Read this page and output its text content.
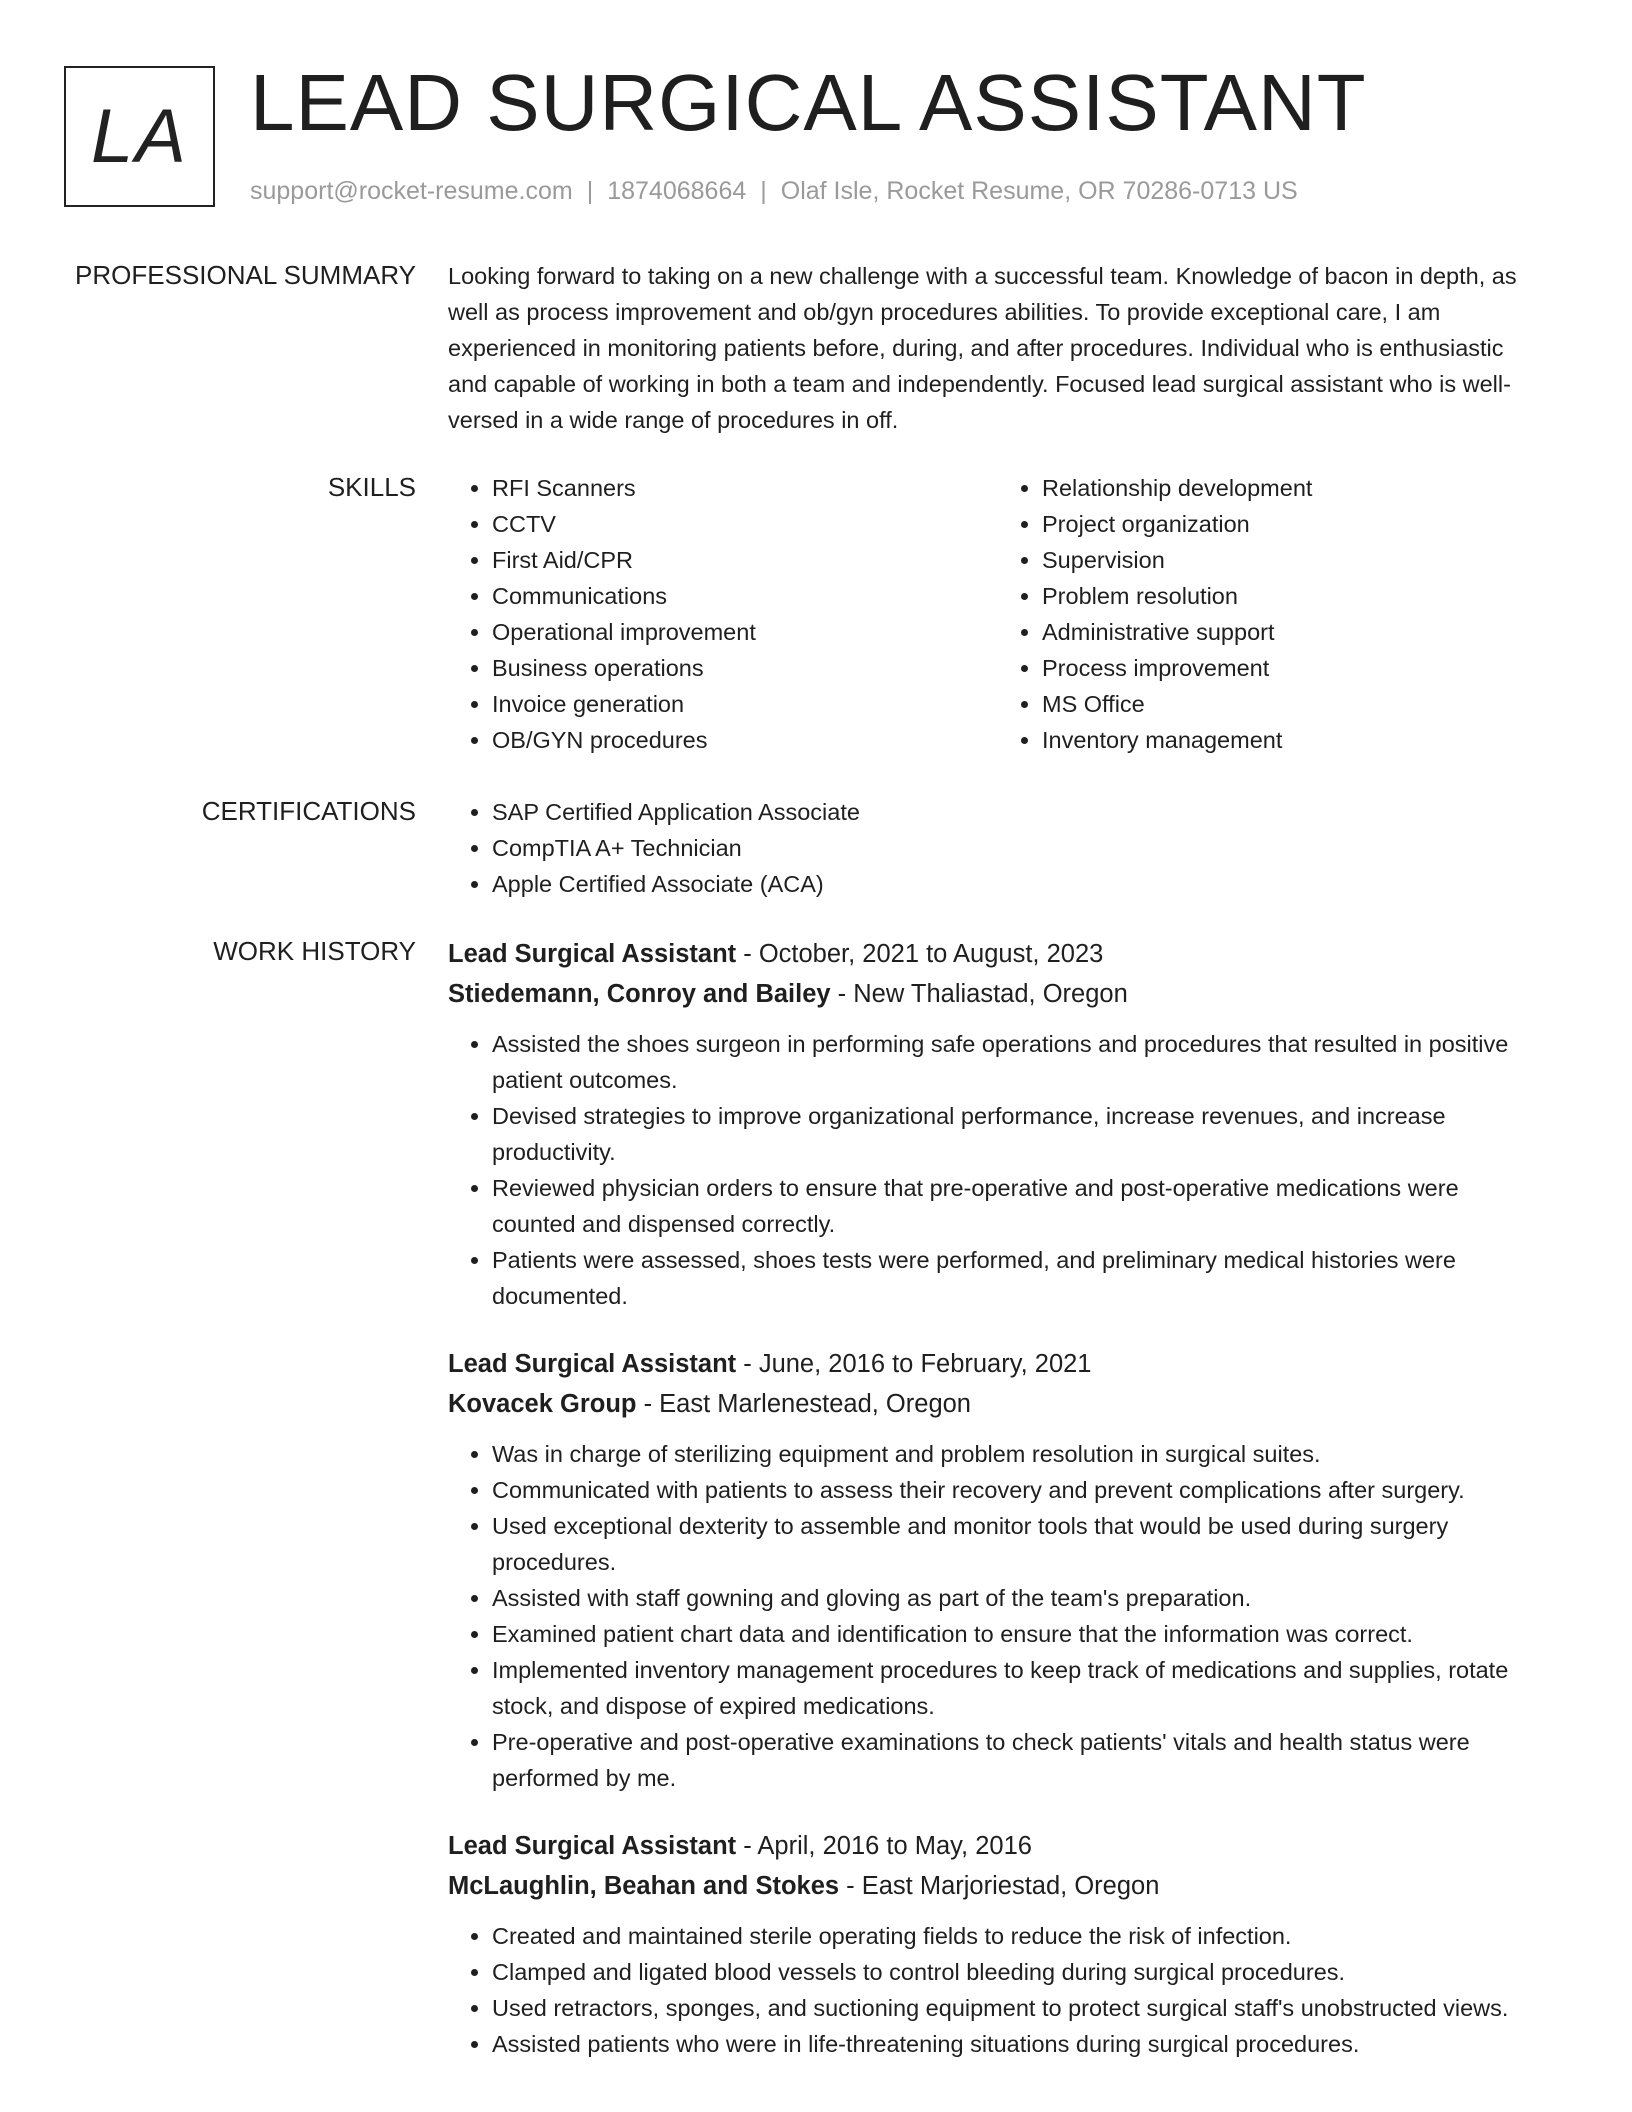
LA LEAD SURGICAL ASSISTANT
support@rocket-resume.com | 1874068664 | Olaf Isle, Rocket Resume, OR 70286-0713 US
PROFESSIONAL SUMMARY Looking forward to taking on a new challenge with a successful team. Knowledge of bacon in depth, as well as process improvement and ob/gyn procedures abilities. To provide exceptional care, I am experienced in monitoring patients before, during, and after procedures. Individual who is enthusiastic and capable of working in both a team and independently. Focused lead surgical assistant who is well-versed in a wide range of procedures in off.

SKILLS	• RFI Scanners
• CCTV
• First Aid/CPR
• Communications
• Operational improvement
• Business operations
• Invoice generation
• OB/GYN procedures
• Relationship development
• Project organization
• Supervision
• Problem resolution
• Administrative support
• Process improvement
• MS Office
• Inventory management
CERTIFICATIONS	• SAP Certified Application Associate
• CompTIA A+ Technician
• Apple Certified Associate (ACA)
WORK HISTORY Lead Surgical Assistant - October, 2021 to August, 2023
Stiedemann, Conroy and Bailey - New Thaliastad, Oregon
• Assisted the shoes surgeon in performing safe operations and procedures that resulted in positive patient outcomes.
• Devised strategies to improve organizational performance, increase revenues, and increase productivity.
• Reviewed physician orders to ensure that pre-operative and post-operative medications were counted and dispensed correctly.
• Patients were assessed, shoes tests were performed, and preliminary medical histories were documented.
Lead Surgical Assistant - June, 2016 to February, 2021
Kovacek Group - East Marlenestead, Oregon
• Was in charge of sterilizing equipment and problem resolution in surgical suites.
• Communicated with patients to assess their recovery and prevent complications after surgery.
• Used exceptional dexterity to assemble and monitor tools that would be used during surgery procedures.
• Assisted with staff gowning and gloving as part of the team's preparation.
• Examined patient chart data and identification to ensure that the information was correct.
• Implemented inventory management procedures to keep track of medications and supplies, rotate stock, and dispose of expired medications.
• Pre-operative and post-operative examinations to check patients' vitals and health status were performed by me.
Lead Surgical Assistant - April, 2016 to May, 2016
McLaughlin, Beahan and Stokes - East Marjoriestad, Oregon
• Created and maintained sterile operating fields to reduce the risk of infection.
• Clamped and ligated blood vessels to control bleeding during surgical procedures.
• Used retractors, sponges, and suctioning equipment to protect surgical staff's unobstructed views.
• Assisted patients who were in life-threatening situations during surgical procedures.
